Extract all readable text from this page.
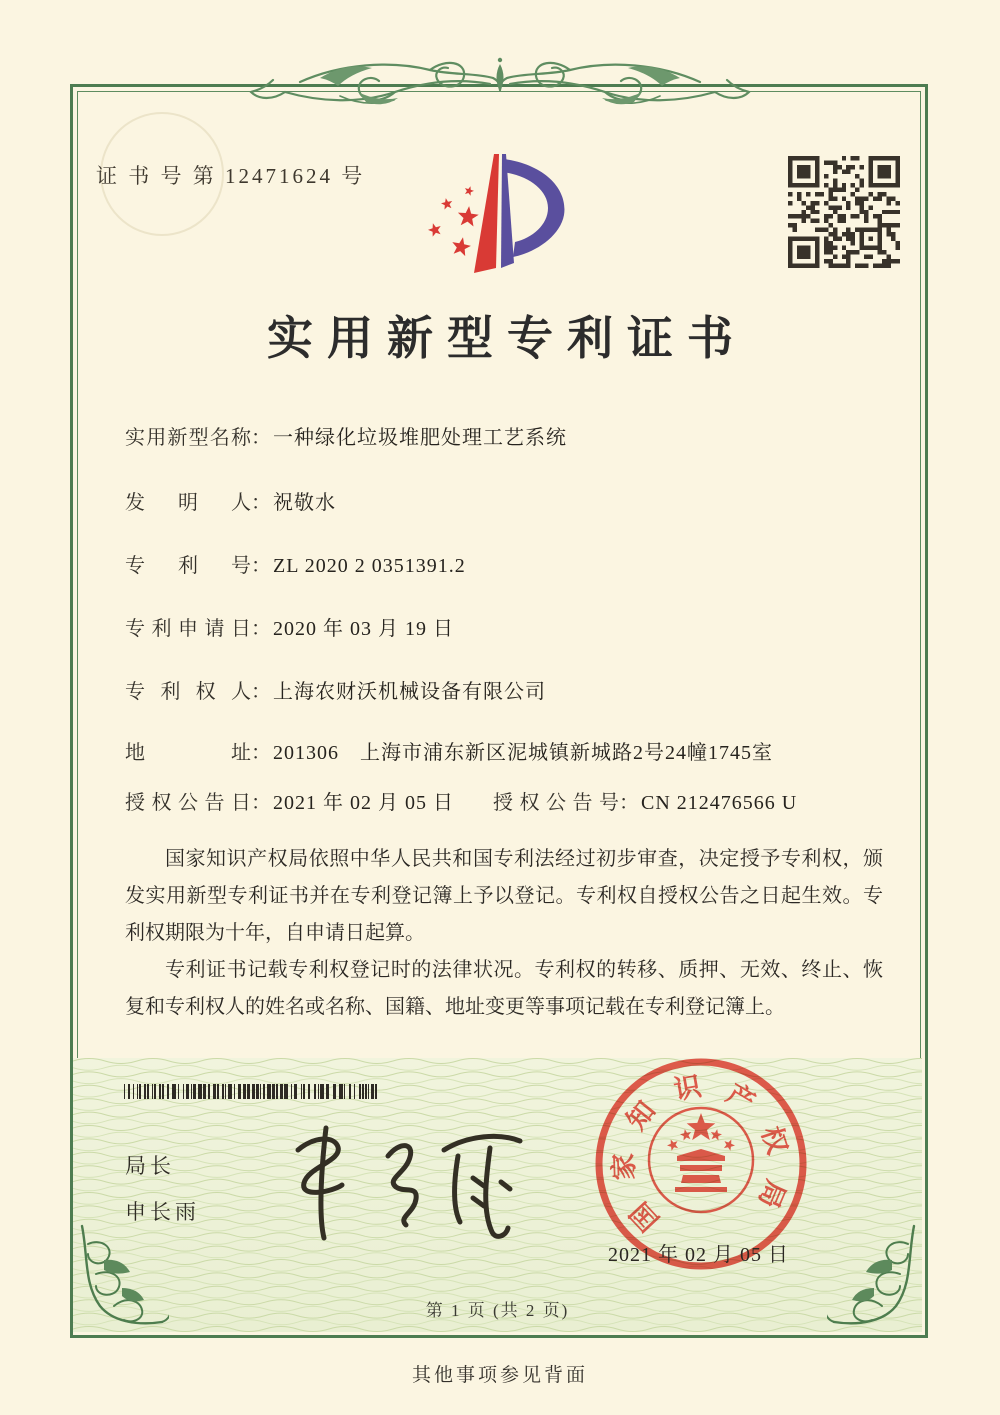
证 书 号 第 12471624 号
实用新型专利证书
实用新型名称： 一种绿化垃圾堆肥处理工艺系统
发明人： 祝敬水
专利号： ZL 2020 2 0351391.2
专利申请日： 2020 年 03 月 19 日
专利权人： 上海农财沃机械设备有限公司
地址： 201306　上海市浦东新区泥城镇新城路2号24幢1745室
授权公告日： 2021 年 02 月 05 日 授权公告号： CN 212476566 U

国家知识产权局依照中华人民共和国专利法经过初步审查，决定授予专利权，颁发实用新型专利证书并在专利登记簿上予以登记。专利权自授权公告之日起生效。专利权期限为十年，自申请日起算。

专利证书记载专利权登记时的法律状况。专利权的转移、质押、无效、终止、恢复和专利权人的姓名或名称、国籍、地址变更等事项记载在专利登记簿上。

局长
申长雨	国
家
知
识 产
权
局
2021 年 02 月 05 日
第 1 页 (共 2 页)
其他事项参见背面
